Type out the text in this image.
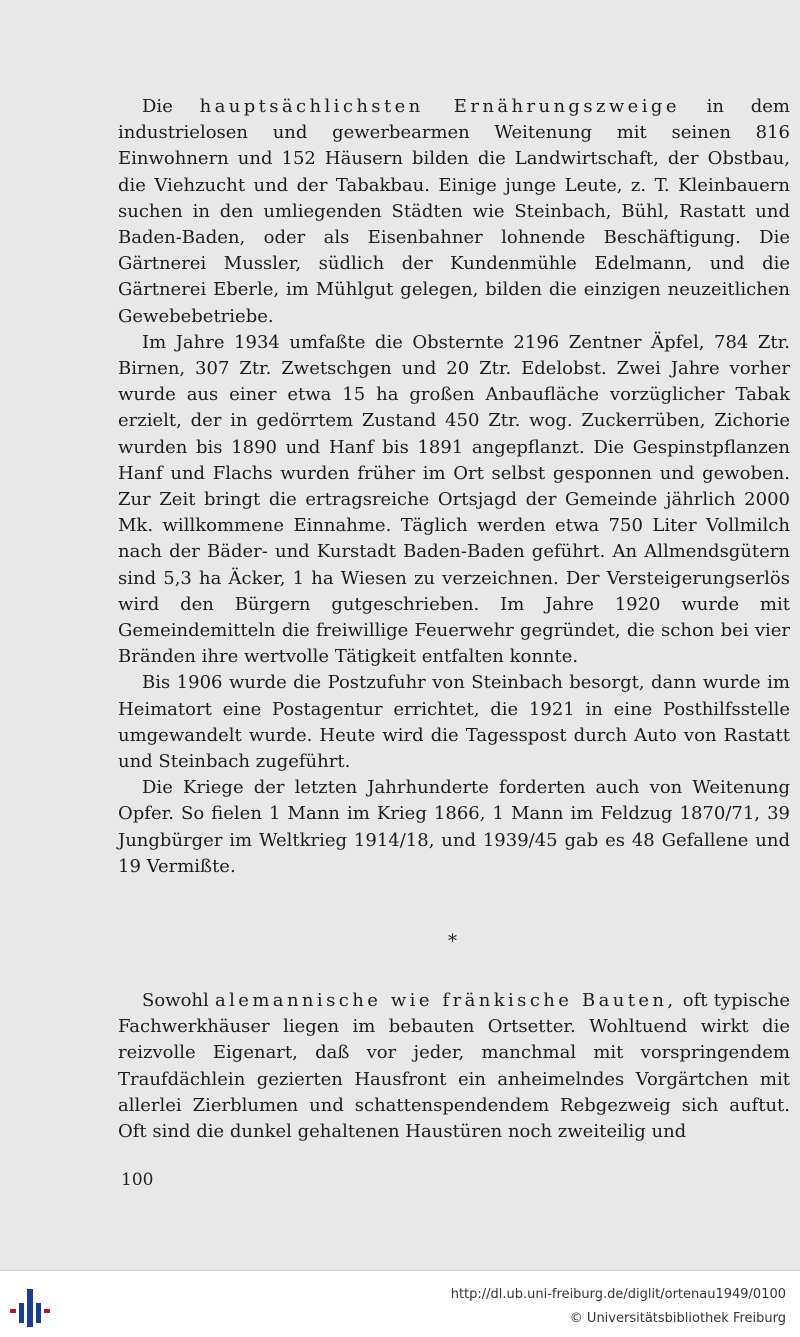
Die hauptsächlichsten Ernährungszweige in dem industrielosen und gewerbearmen Weitenung mit seinen 816 Einwohnern und 152 Häusern bilden die Landwirtschaft, der Obstbau, die Viehzucht und der Tabakbau. Einige junge Leute, z. T. Kleinbauern suchen in den umliegenden Städten wie Steinbach, Bühl, Rastatt und Baden-Baden, oder als Eisenbahner lohnende Beschäftigung. Die Gärtnerei Mussler, südlich der Kundenmühle Edelmann, und die Gärtnerei Eberle, im Mühlgut gelegen, bilden die einzigen neuzeitlichen Gewebebetriebe.

Im Jahre 1934 umfaßte die Obsternte 2196 Zentner Äpfel, 784 Ztr. Birnen, 307 Ztr. Zwetschgen und 20 Ztr. Edelobst. Zwei Jahre vorher wurde aus einer etwa 15 ha großen Anbaufläche vorzüglicher Tabak erzielt, der in gedörrtem Zustand 450 Ztr. wog. Zuckerrüben, Zichorie wurden bis 1890 und Hanf bis 1891 angepflanzt. Die Gespinstpflanzen Hanf und Flachs wurden früher im Ort selbst gesponnen und gewoben. Zur Zeit bringt die ertragsreiche Ortsjagd der Gemeinde jährlich 2000 Mk. willkommene Einnahme. Täglich werden etwa 750 Liter Vollmilch nach der Bäder- und Kurstadt Baden-Baden geführt. An Allmendsgütern sind 5,3 ha Äcker, 1 ha Wiesen zu verzeichnen. Der Versteigerungserlös wird den Bürgern gutgeschrieben. Im Jahre 1920 wurde mit Gemeindemitteln die freiwillige Feuerwehr gegründet, die schon bei vier Bränden ihre wertvolle Tätigkeit entfalten konnte.

Bis 1906 wurde die Postzufuhr von Steinbach besorgt, dann wurde im Heimatort eine Postagentur errichtet, die 1921 in eine Posthilfsstelle umgewandelt wurde. Heute wird die Tagesspost durch Auto von Rastatt und Steinbach zugeführt.

Die Kriege der letzten Jahrhunderte forderten auch von Weitenung Opfer. So fielen 1 Mann im Krieg 1866, 1 Mann im Feldzug 1870/71, 39 Jungbürger im Weltkrieg 1914/18, und 1939/45 gab es 48 Gefallene und 19 Vermißte.

*

Sowohl alemannische wie fränkische Bauten, oft typische Fachwerkhäuser liegen im bebauten Ortsetter. Wohltuend wirkt die reizvolle Eigenart, daß vor jeder, manchmal mit vorspringendem Traufdächlein gezierten Hausfront ein anheimelndes Vorgärtchen mit allerlei Zierblumen und schattenspendendem Rebgezweig sich auftut. Oft sind die dunkel gehaltenen Haustüren noch zweiteilig und

100
http://dl.ub.uni-freiburg.de/diglit/ortenau1949/0100
© Universitätsbibliothek Freiburg
